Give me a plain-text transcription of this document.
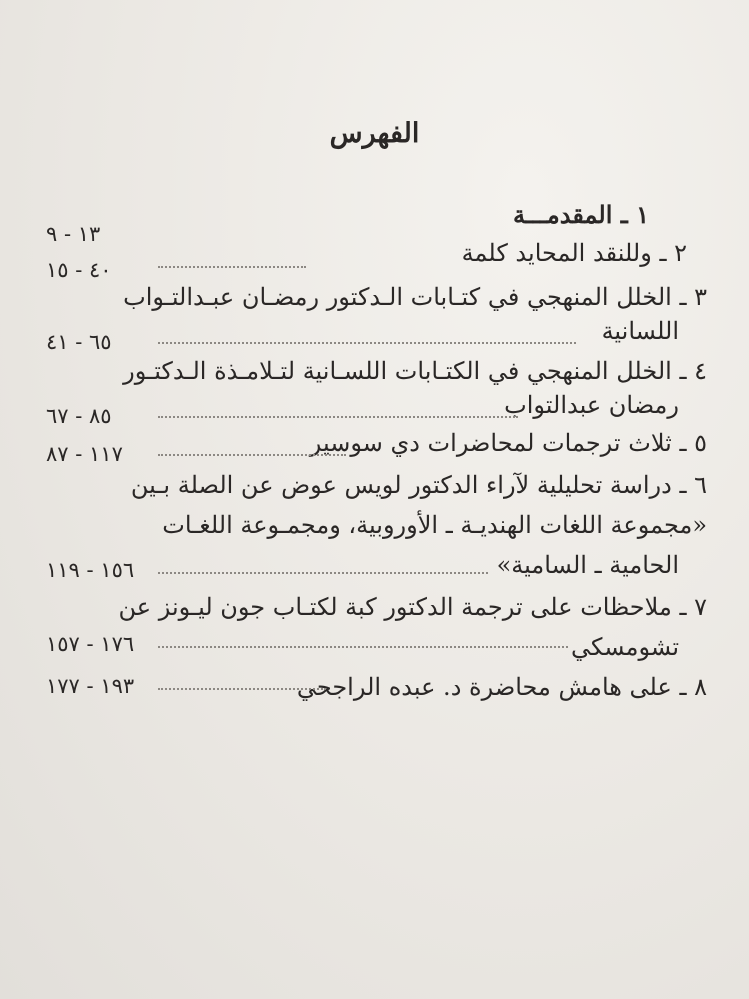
الفهرس
١ ـ المقدمـــة
١٣ - ٩
٢ ـ وللنقد المحايد كلمة
٤٠ - ١٥
٣ ـ الخلل المنهجي في كتـابات الـدكتور رمضـان عبـدالتـواب
اللسانية
٦٥ - ٤١
٤ ـ الخلل المنهجي في الكتـابات اللسـانية لتـلامـذة الـدكتـور
رمضان عبدالتواب
٨٥ - ٦٧
٥ ـ ثلاث ترجمات لمحاضرات دي سوسير
١١٧ - ٨٧
٦ ـ دراسة تحليلية لآراء الدكتور لويس عوض عن الصلة بـين
«مجموعة اللغات الهنديـة ـ الأوروبية، ومجمـوعة اللغـات
الحامية ـ السامية»
١٥٦ - ١١٩
٧ ـ ملاحظات على ترجمة الدكتور كبة لكتـاب جون ليـونز عن
تشومسكي
١٧٦ - ١٥٧
٨ ـ على هامش محاضرة د. عبده الراجحي
١٩٣ - ١٧٧
